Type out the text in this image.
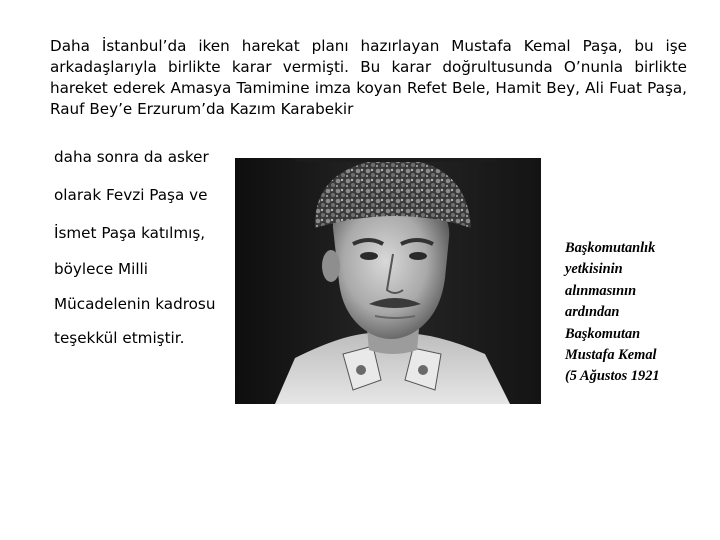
Daha İstanbul’da iken harekat planı hazırlayan Mustafa Kemal Paşa, bu işe arkadaşlarıyla birlikte karar vermişti. Bu karar doğrultusunda O’nunla birlikte hareket ederek Amasya Tamimine imza koyan Refet Bele, Hamit Bey, Ali Fuat Paşa, Rauf Bey’e Erzurum’da Kazım Karabekir

daha sonra da asker
olarak Fevzi Paşa ve
İsmet Paşa katılmış,
böylece Milli
Mücadelenin kadrosu
teşekkül etmiştir.
Başkomutanlık
yetkisinin
alınmasının
ardından
Başkomutan
Mustafa Kemal
(5 Ağustos 1921
